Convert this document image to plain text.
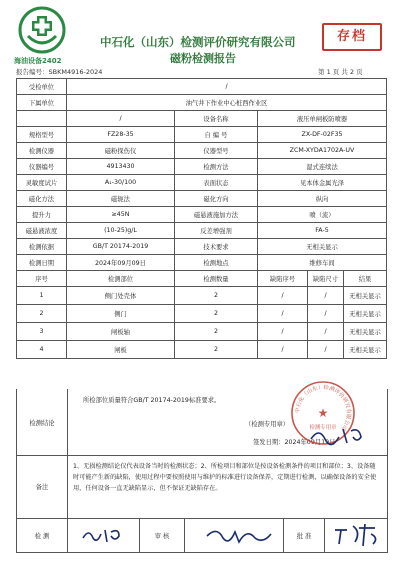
海油设备2402
中石化（山东）检测评价研究有限公司
磁粉检测报告
存档
报告编号：SBKM4916-2024	第 1 页 共 2 页
受检单位	/				
下属单位	油气井下作业中心桩西作业区				
	/	设备名称	液压单闸板防喷器		
规格型号	FZ28-35	自 编 号	ZX-DF-02F35		
检测仪器	磁粉探伤仪	仪器型号	ZCM-XYDA1702A-UV		
仪器编号	4913430	检测方法	湿式连续法		
灵敏度试片	A₁-30/100	表面状态	见本体金属光泽		
磁化方法	磁轭法	磁化方向	纵向		
提升力	≥45N	磁悬液施加方法	喷（流）		
磁悬液浓度	(10-25)g/L	反差增强剂	FA-5		
检测依据	GB/T 20174-2019	技术要求	无相关显示		
检测日期	2024年09月09日	检测地点	维修车间		
序号	检测部位	检测数量	缺陷序号	缺陷尺寸	结果
1	侧门处壳体	2	/	/	无相关显示
2	侧门	2	/	/	无相关显示
3	闸板轴	2	/	/	无相关显示
4	闸板	2	/	/	无相关显示
检测结论
所检部位质量符合GB/T 20174-2019标准要求。
（检测专用章）
签发日期：2024年09月19日
中石化（山东）检测评价研究有限公司
★
检测专用章
备注
1、无损检测结论仅代表设备当时的检测状态；2、所检项目和部位是按设备检测条件的项目和部位；3、设备随时可能产生新的缺陷，使用过程中要按照使用与维护的标准进行设备保养，定期进行检测，以确保设备的安全使用，任何设备一直无缺陷显示，但不保证无缺陷存在。
检 测	审 核	批 准
